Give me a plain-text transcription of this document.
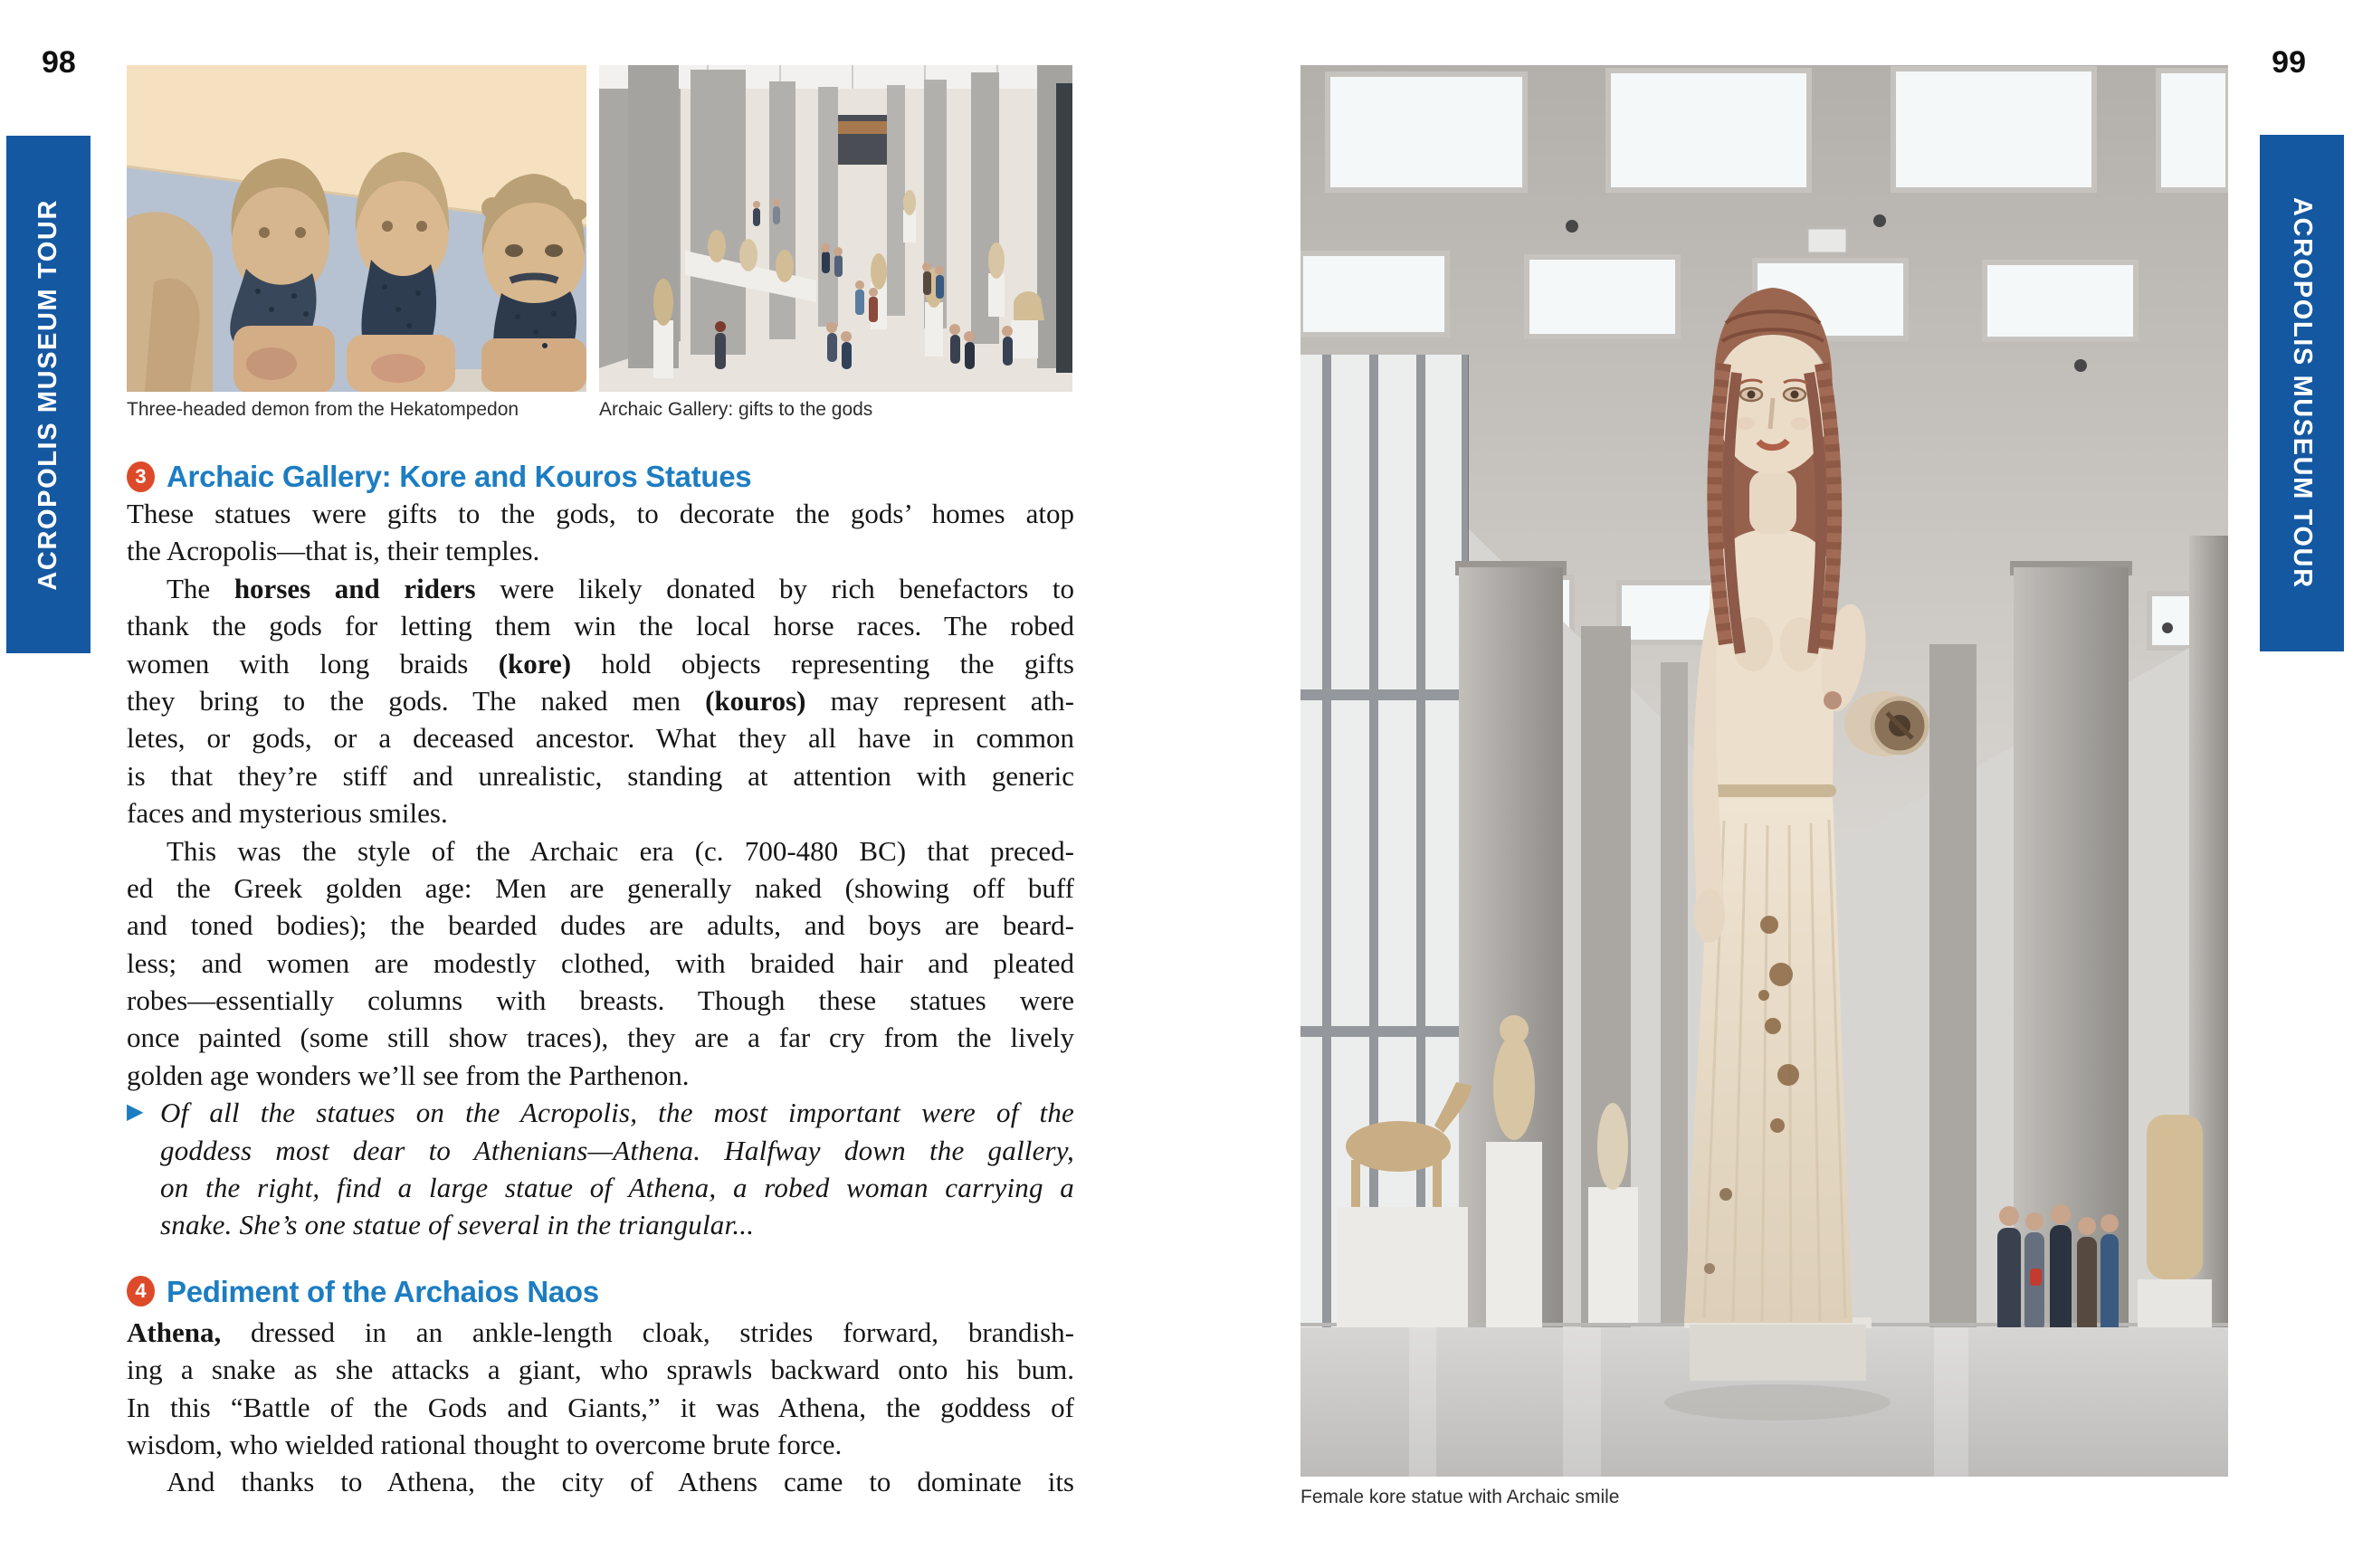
98	99
ACROPOLIS MUSEUM TOUR	ACROPOLIS MUSEUM TOUR
Three-headed demon from the Hekatompedon	Archaic Gallery: gifts to the gods
3 Archaic Gallery: Kore and Kouros Statues
These statues were gifts to the gods, to decorate the gods’ homes atop
the Acropolis—that is, their temples.
The horses and riders were likely donated by rich benefactors to
thank the gods for letting them win the local horse races. The robed
women with long braids (kore) hold objects representing the gifts
they bring to the gods. The naked men (kouros) may represent ath-
letes, or gods, or a deceased ancestor. What they all have in common
is that they’re stiff and unrealistic, standing at attention with generic
faces and mysterious smiles.
This was the style of the Archaic era (c. 700-480 BC) that preced-
ed the Greek golden age: Men are generally naked (showing off buff
and toned bodies); the bearded dudes are adults, and boys are beard-
less; and women are modestly clothed, with braided hair and pleated
robes—essentially columns with breasts. Though these statues were
once painted (some still show traces), they are a far cry from the lively
golden age wonders we’ll see from the Parthenon.
▶ Of all the statues on the Acropolis, the most important were of the
goddess most dear to Athenians—Athena. Halfway down the gallery,
on the right, find a large statue of Athena, a robed woman carrying a
snake. She’s one statue of several in the triangular...
4 Pediment of the Archaios Naos
Athena, dressed in an ankle-length cloak, strides forward, brandish-
ing a snake as she attacks a giant, who sprawls backward onto his bum.
In this “Battle of the Gods and Giants,” it was Athena, the goddess of
wisdom, who wielded rational thought to overcome brute force.
And thanks to Athena, the city of Athens came to dominate its	Female kore statue with Archaic smile
